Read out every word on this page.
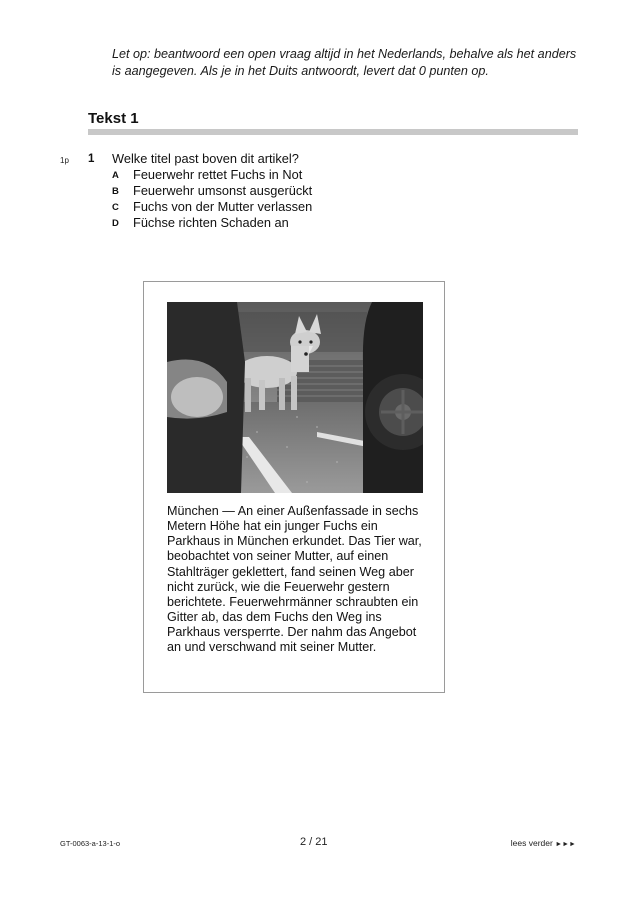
Let op: beantwoord een open vraag altijd in het Nederlands, behalve als het anders is aangegeven. Als je in het Duits antwoordt, levert dat 0 punten op.
Tekst 1
1p 1 Welke titel past boven dit artikel?
A Feuerwehr rettet Fuchs in Not
B Feuerwehr umsonst ausgerückt
C Fuchs von der Mutter verlassen
D Füchse richten Schaden an
München — An einer Außenfassade in sechs Metern Höhe hat ein junger Fuchs ein Parkhaus in München erkundet. Das Tier war, beobachtet von seiner Mutter, auf einen Stahlträger geklettert, fand seinen Weg aber nicht zurück, wie die Feuerwehr gestern berichtete. Feuerwehrmänner schraubten ein Gitter ab, das dem Fuchs den Weg ins Parkhaus versperrte. Der nahm das Angebot an und verschwand mit seiner Mutter.
GT-0063-a-13-1-o	2 / 21	lees verder ►►►
